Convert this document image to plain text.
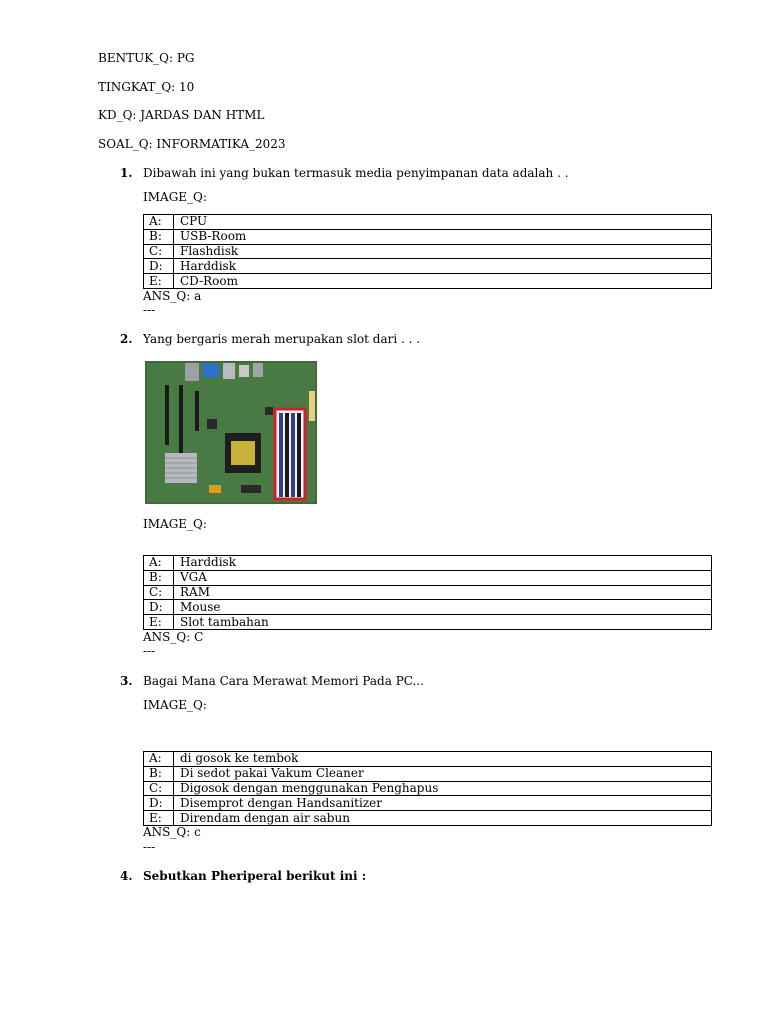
BENTUK_Q: PG
TINGKAT_Q: 10
KD_Q: JARDAS DAN HTML
SOAL_Q: INFORMATIKA_2023
1. Dibawah ini yang bukan termasuk media penyimpanan data adalah . .
IMAGE_Q:
A:	CPU
B:	USB-Room
C:	Flashdisk
D:	Harddisk
E:	CD-Room
ANS_Q: a
---
2. Yang bergaris merah merupakan slot dari . . .
IMAGE_Q:
A:	Harddisk
B:	VGA
C:	RAM
D:	Mouse
E:	Slot tambahan
ANS_Q: C
---
3. Bagai Mana Cara Merawat Memori Pada PC...
IMAGE_Q:
A:	di gosok ke tembok
B:	Di sedot pakai Vakum Cleaner
C:	Digosok dengan menggunakan Penghapus
D:	Disemprot dengan Handsanitizer
E:	Direndam dengan air sabun
ANS_Q: c
---
4. Sebutkan Pheriperal berikut ini :
